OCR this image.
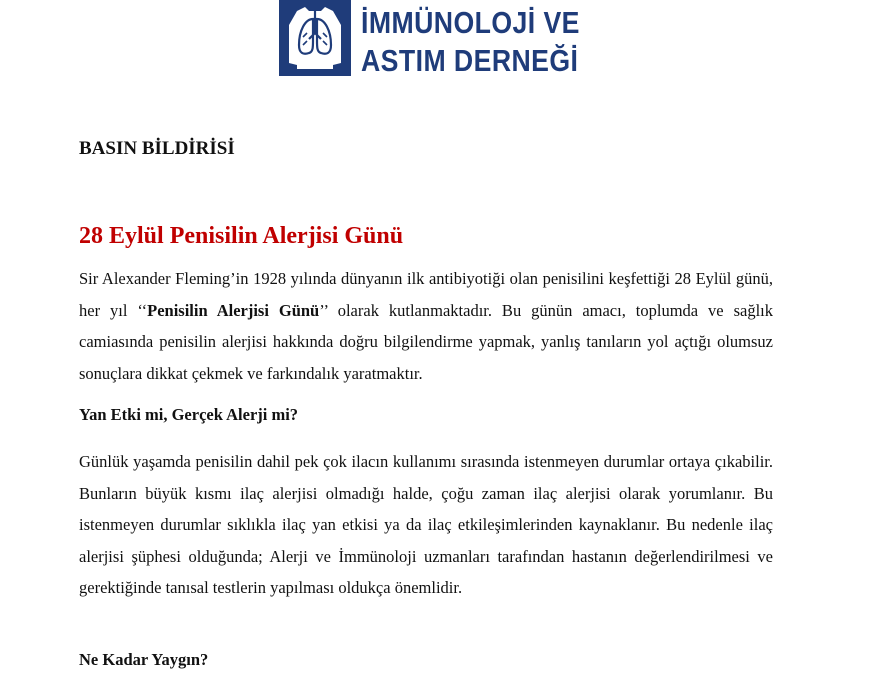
İMMÜNOLOJİ VE
ASTIM DERNEĞİ
BASIN BİLDİRİSİ
28 Eylül Penisilin Alerjisi Günü

Sir Alexander Fleming’in 1928 yılında dünyanın ilk antibiyotiği olan penisilini keşfettiği 28 Eylül günü, her yıl ‘‘Penisilin Alerjisi Günü’’ olarak kutlanmaktadır. Bu günün amacı, toplumda ve sağlık camiasında penisilin alerjisi hakkında doğru bilgilendirme yapmak, yanlış tanıların yol açtığı olumsuz sonuçlara dikkat çekmek ve farkındalık yaratmaktır.

Yan Etki mi, Gerçek Alerji mi?

Günlük yaşamda penisilin dahil pek çok ilacın kullanımı sırasında istenmeyen durumlar ortaya çıkabilir. Bunların büyük kısmı ilaç alerjisi olmadığı halde, çoğu zaman ilaç alerjisi olarak yorumlanır. Bu istenmeyen durumlar sıklıkla ilaç yan etkisi ya da ilaç etkileşimlerinden kaynaklanır. Bu nedenle ilaç alerjisi şüphesi olduğunda; Alerji ve İmmünoloji uzmanları tarafından hastanın değerlendirilmesi ve gerektiğinde tanısal testlerin yapılması oldukça önemlidir.

Ne Kadar Yaygın?
